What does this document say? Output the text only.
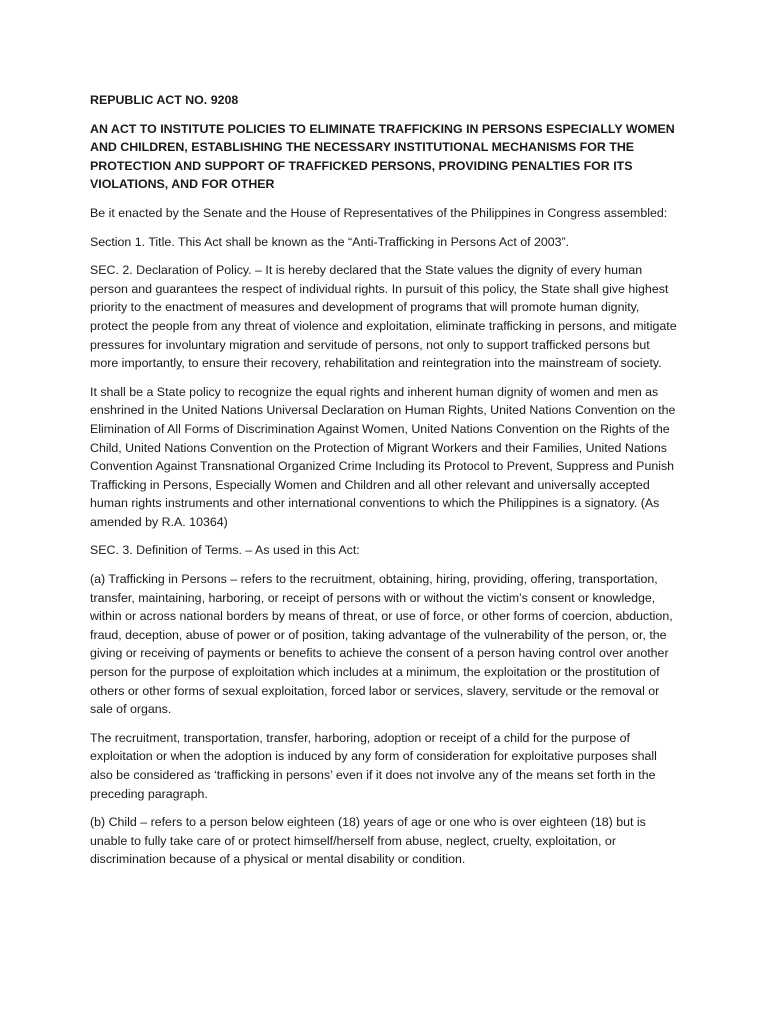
REPUBLIC ACT NO. 9208

AN ACT TO INSTITUTE POLICIES TO ELIMINATE TRAFFICKING IN PERSONS ESPECIALLY WOMEN AND CHILDREN, ESTABLISHING THE NECESSARY INSTITUTIONAL MECHANISMS FOR THE PROTECTION AND SUPPORT OF TRAFFICKED PERSONS, PROVIDING PENALTIES FOR ITS VIOLATIONS, AND FOR OTHER

Be it enacted by the Senate and the House of Representatives of the Philippines in Congress assembled:

Section 1. Title. This Act shall be known as the “Anti-Trafficking in Persons Act of 2003”.

SEC. 2. Declaration of Policy. – It is hereby declared that the State values the dignity of every human person and guarantees the respect of individual rights. In pursuit of this policy, the State shall give highest priority to the enactment of measures and development of programs that will promote human dignity, protect the people from any threat of violence and exploitation, eliminate trafficking in persons, and mitigate pressures for involuntary migration and servitude of persons, not only to support trafficked persons but more importantly, to ensure their recovery, rehabilitation and reintegration into the mainstream of society.

It shall be a State policy to recognize the equal rights and inherent human dignity of women and men as enshrined in the United Nations Universal Declaration on Human Rights, United Nations Convention on the Elimination of All Forms of Discrimination Against Women, United Nations Convention on the Rights of the Child, United Nations Convention on the Protection of Migrant Workers and their Families, United Nations Convention Against Transnational Organized Crime Including its Protocol to Prevent, Suppress and Punish Trafficking in Persons, Especially Women and Children and all other relevant and universally accepted human rights instruments and other international conventions to which the Philippines is a signatory. (As amended by R.A. 10364)

SEC. 3. Definition of Terms. – As used in this Act:

(a) Trafficking in Persons – refers to the recruitment, obtaining, hiring, providing, offering, transportation, transfer, maintaining, harboring, or receipt of persons with or without the victim’s consent or knowledge, within or across national borders by means of threat, or use of force, or other forms of coercion, abduction, fraud, deception, abuse of power or of position, taking advantage of the vulnerability of the person, or, the giving or receiving of payments or benefits to achieve the consent of a person having control over another person for the purpose of exploitation which includes at a minimum, the exploitation or the prostitution of others or other forms of sexual exploitation, forced labor or services, slavery, servitude or the removal or sale of organs.

The recruitment, transportation, transfer, harboring, adoption or receipt of a child for the purpose of exploitation or when the adoption is induced by any form of consideration for exploitative purposes shall also be considered as ‘trafficking in persons’ even if it does not involve any of the means set forth in the preceding paragraph.

(b) Child – refers to a person below eighteen (18) years of age or one who is over eighteen (18) but is unable to fully take care of or protect himself/herself from abuse, neglect, cruelty, exploitation, or discrimination because of a physical or mental disability or condition.
